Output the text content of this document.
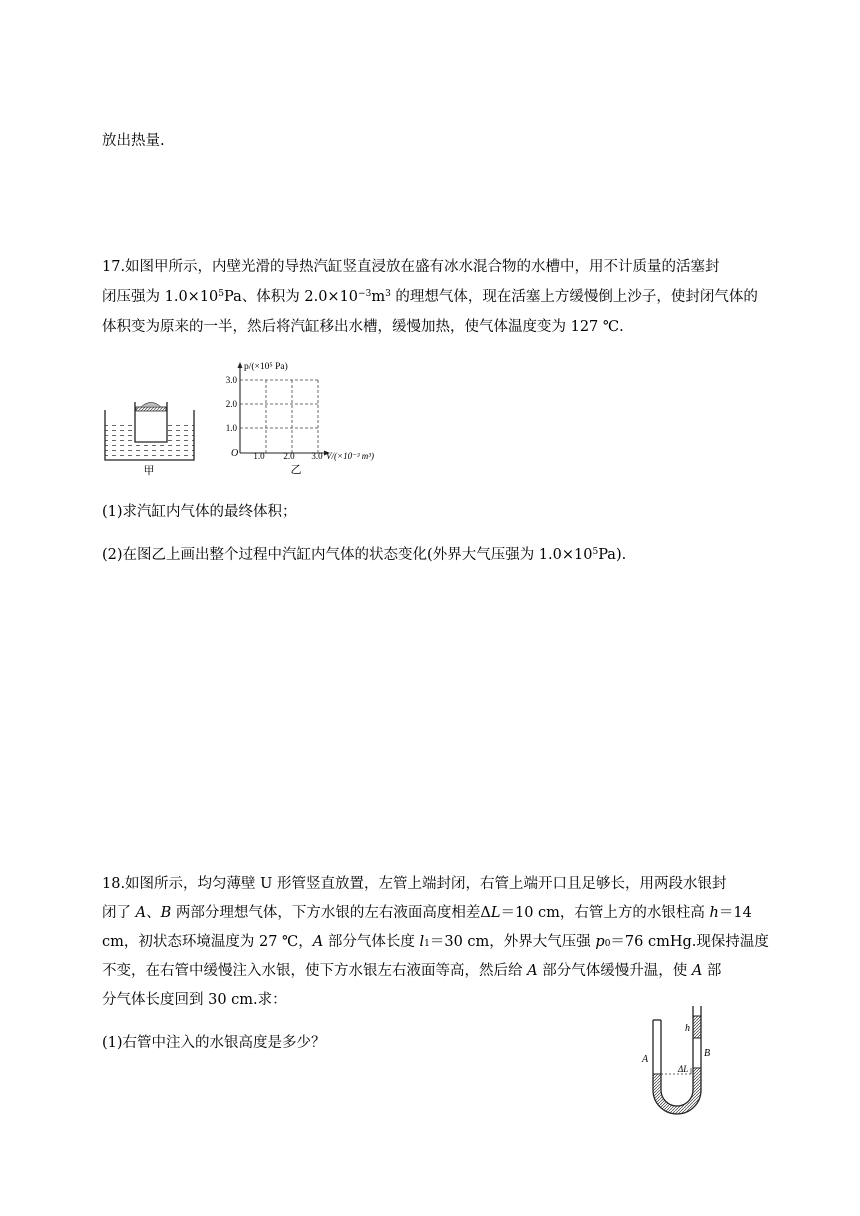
放出热量.
17.如图甲所示，内壁光滑的导热汽缸竖直浸放在盛有冰水混合物的水槽中，用不计质量的活塞封
闭压强为 $1.0\times 10^5Pa$、体积为 $2.0\times 10^{-3}m^3$ 的理想气体，现在活塞上方缓慢倒上沙子，使封闭气体的
体积变为原来的一半，然后将汽缸移出水槽，缓慢加热，使气体温度变为 127 ℃.
甲
p/(×10⁵ Pa)
3.0
2.0
1.0
O 1.0 2.0 3.0 V/(×10⁻³ m³)
乙
(1)求汽缸内气体的最终体积；
(2)在图乙上画出整个过程中汽缸内气体的状态变化(外界大气压强为 $1.0\times 10^5Pa$).
18.如图所示，均匀薄壁 U 形管竖直放置，左管上端封闭，右管上端开口且足够长，用两段水银封
闭了 A、B 两部分理想气体，下方水银的左右液面高度相差ΔL＝10 cm，右管上方的水银柱高 h＝14
cm，初状态环境温度为 27 ℃，A 部分气体长度 $l_1=30$ cm，外界大气压强 $p_0=76$ cmHg.现保持温度
不变，在右管中缓慢注入水银，使下方水银左右液面等高，然后给 A 部分气体缓慢升温，使 A 部
分气体长度回到 30 cm.求：
(1)右管中注入的水银高度是多少？
A
B
h
ΔL
